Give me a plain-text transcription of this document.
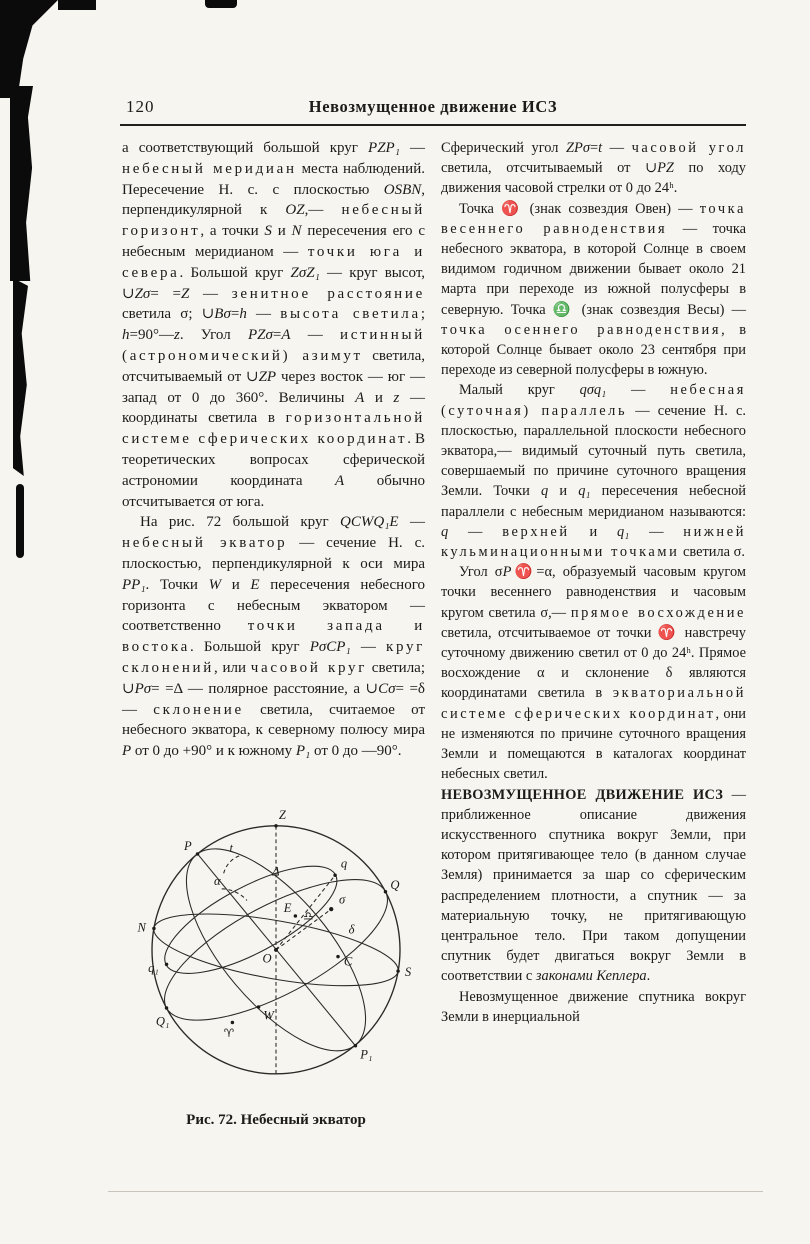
120	Невозмущенное движение ИСЗ

а соответствующий большой круг PZP₁ — небесный меридиан места наблюдений. Пересечение Н. с. с плоскостью OSBN, перпендикулярной к OZ,— небесный горизонт, а точки S и N пересечения его с небесным меридианом — точки юга и севера. Большой круг ZσZ₁ — круг высот, ∪Zσ= =Z — зенитное расстояние светила σ; ∪Bσ=h — высота светила; h=90°—z. Угол PZσ=A — истинный (астрономический) азимут светила, отсчитываемый от ∪ZP через восток — юг — запад от 0 до 360°. Величины A и z — координаты светила в горизонтальной системе сферических координат. В теоретических вопросах сферической астрономии координата A обычно отсчитывается от юга.

На рис. 72 большой круг QCWQ₁E — небесный экватор — сечение Н. с. плоскостью, перпендикулярной к оси мира PP₁. Точки W и E пересечения небесного горизонта с небесным экватором — соответственно точки запада и востока. Большой круг PσCP₁ — круг склонений, или часовой круг светила; ∪Pσ= =Δ — полярное расстояние, а ∪Cσ= =δ — склонение светила, считаемое от небесного экватора, к северному полюсу мира P от 0 до +90° и к южному P₁ от 0 до —90°.

Сферический угол ZPσ=t — часовой угол светила, отсчитываемый от ∪PZ по ходу движения часовой стрелки от 0 до 24ʰ.

Точка ♈ (знак созвездия Овен) — точка весеннего равноденствия — точка небесного экватора, в которой Солнце в своем видимом годичном движении бывает около 21 марта при переходе из южной полусферы в северную. Точка ♎ (знак созвездия Весы) — точка осеннего равноденствия, в которой Солнце бывает около 23 сентября при переходе из северной полусферы в южную.

Малый круг qσq₁ — небесная (суточная) параллель — сечение Н. с. плоскостью, параллельной плоскости небесного экватора,— видимый суточный путь светила, совершаемый по причине суточного вращения Земли. Точки q и q₁ пересечения небесной параллели с небесным меридианом называются: q — верхней и q₁ — нижней кульминационными точками светила σ.

Угол σP♈=α, образуемый часовым кругом точки весеннего равноденствия и часовым кругом светила σ,— прямое восхождение светила, отсчитываемое от точки ♈ навстречу суточному движению светил от 0 до 24ʰ. Прямое восхождение α и склонение δ являются координатами светила в экваториальной системе сферических координат, они не изменяются по причине суточного вращения Земли и помещаются в каталогах координат небесных светил.

НЕВОЗМУЩЕННОЕ ДВИЖЕНИЕ ИСЗ — приближенное описание движения искусственного спутника вокруг Земли, при котором притягивающее тело (в данном случае Земля) принимается за шар со сферическим распределением плотности, а спутник — за материальную точку, не притягивающую центральное тело. При таком допущении спутник будет двигаться вокруг Земли в соответствии с законами Кеплера.

Невозмущенное движение спутника вокруг Земли в инерциальной

Z
P	t
q
α
Δ
σ
δ
E
♎
Q
N
q₁
O	C
S
W
♈
Q₁
P₁
Рис. 72. Небесный экватор
